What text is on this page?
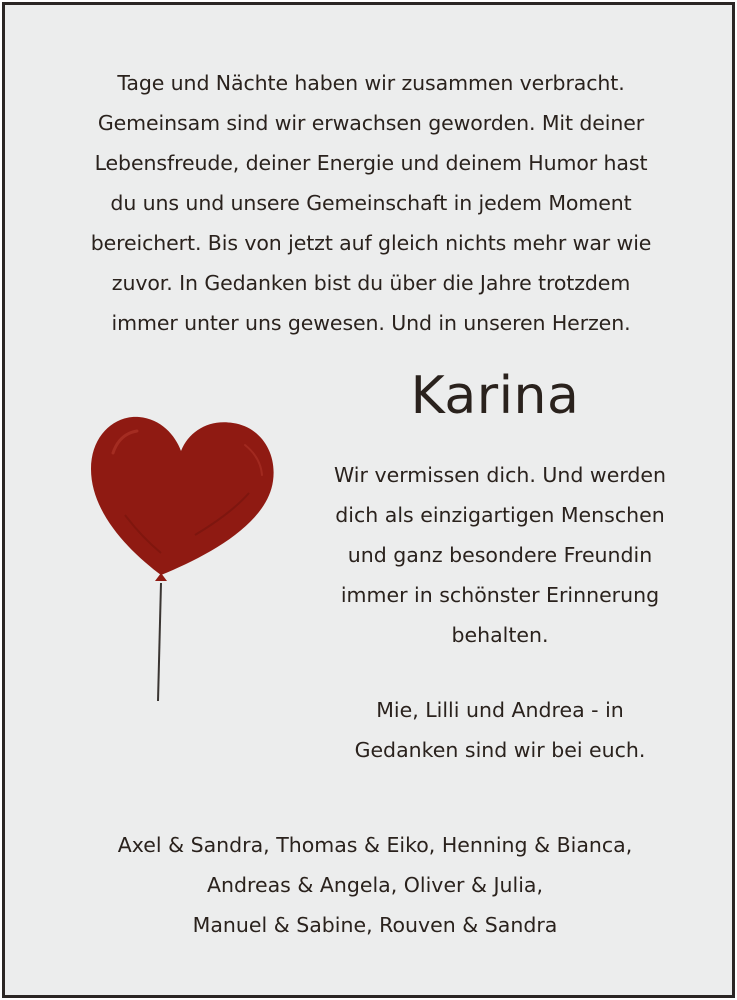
Tage und Nächte haben wir zusammen verbracht.
Gemeinsam sind wir erwachsen geworden. Mit deiner
Lebensfreude, deiner Energie und deinem Humor hast
du uns und unsere Gemeinschaft in jedem Moment
bereichert. Bis von jetzt auf gleich nichts mehr war wie
zuvor. In Gedanken bist du über die Jahre trotzdem
immer unter uns gewesen. Und in unseren Herzen.
Karina
Wir vermissen dich. Und werden
dich als einzigartigen Menschen
und ganz besondere Freundin
immer in schönster Erinnerung
behalten.
Mie, Lilli und Andrea - in
Gedanken sind wir bei euch.
Axel & Sandra, Thomas & Eiko, Henning & Bianca,
Andreas & Angela, Oliver & Julia,
Manuel & Sabine, Rouven & Sandra
